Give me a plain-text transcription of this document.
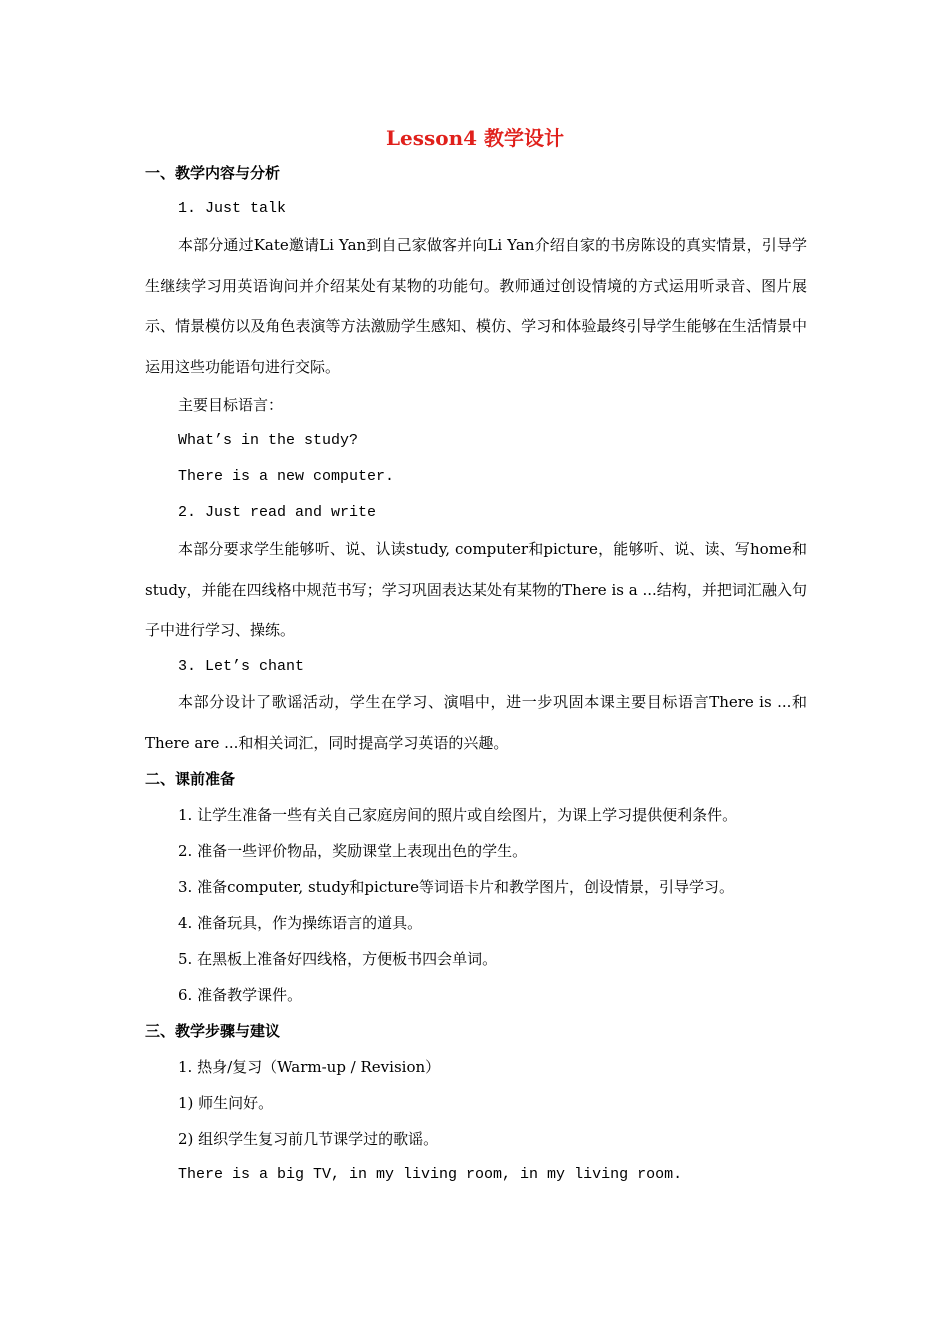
Lesson4 教学设计
一、教学内容与分析
1. Just talk
本部分通过Kate邀请Li Yan到自己家做客并向Li Yan介绍自家的书房陈设的真实情景，引导学生继续学习用英语询问并介绍某处有某物的功能句。教师通过创设情境的方式运用听录音、图片展示、情景模仿以及角色表演等方法激励学生感知、模仿、学习和体验最终引导学生能够在生活情景中运用这些功能语句进行交际。
主要目标语言：
What’s in the study?
There is a new computer.
2. Just read and write
本部分要求学生能够听、说、认读study, computer和picture，能够听、说、读、写home和study，并能在四线格中规范书写；学习巩固表达某处有某物的There is a ...结构，并把词汇融入句子中进行学习、操练。
3. Let’s chant
本部分设计了歌谣活动，学生在学习、演唱中，进一步巩固本课主要目标语言There is ...和There are ...和相关词汇，同时提高学习英语的兴趣。
二、课前准备
1. 让学生准备一些有关自己家庭房间的照片或自绘图片，为课上学习提供便利条件。
2. 准备一些评价物品，奖励课堂上表现出色的学生。
3. 准备computer, study和picture等词语卡片和教学图片，创设情景，引导学习。
4. 准备玩具，作为操练语言的道具。
5. 在黑板上准备好四线格，方便板书四会单词。
6. 准备教学课件。
三、教学步骤与建议
1. 热身/复习（Warm-up / Revision）
1) 师生问好。
2) 组织学生复习前几节课学过的歌谣。
There is a big TV, in my living room, in my living room.
